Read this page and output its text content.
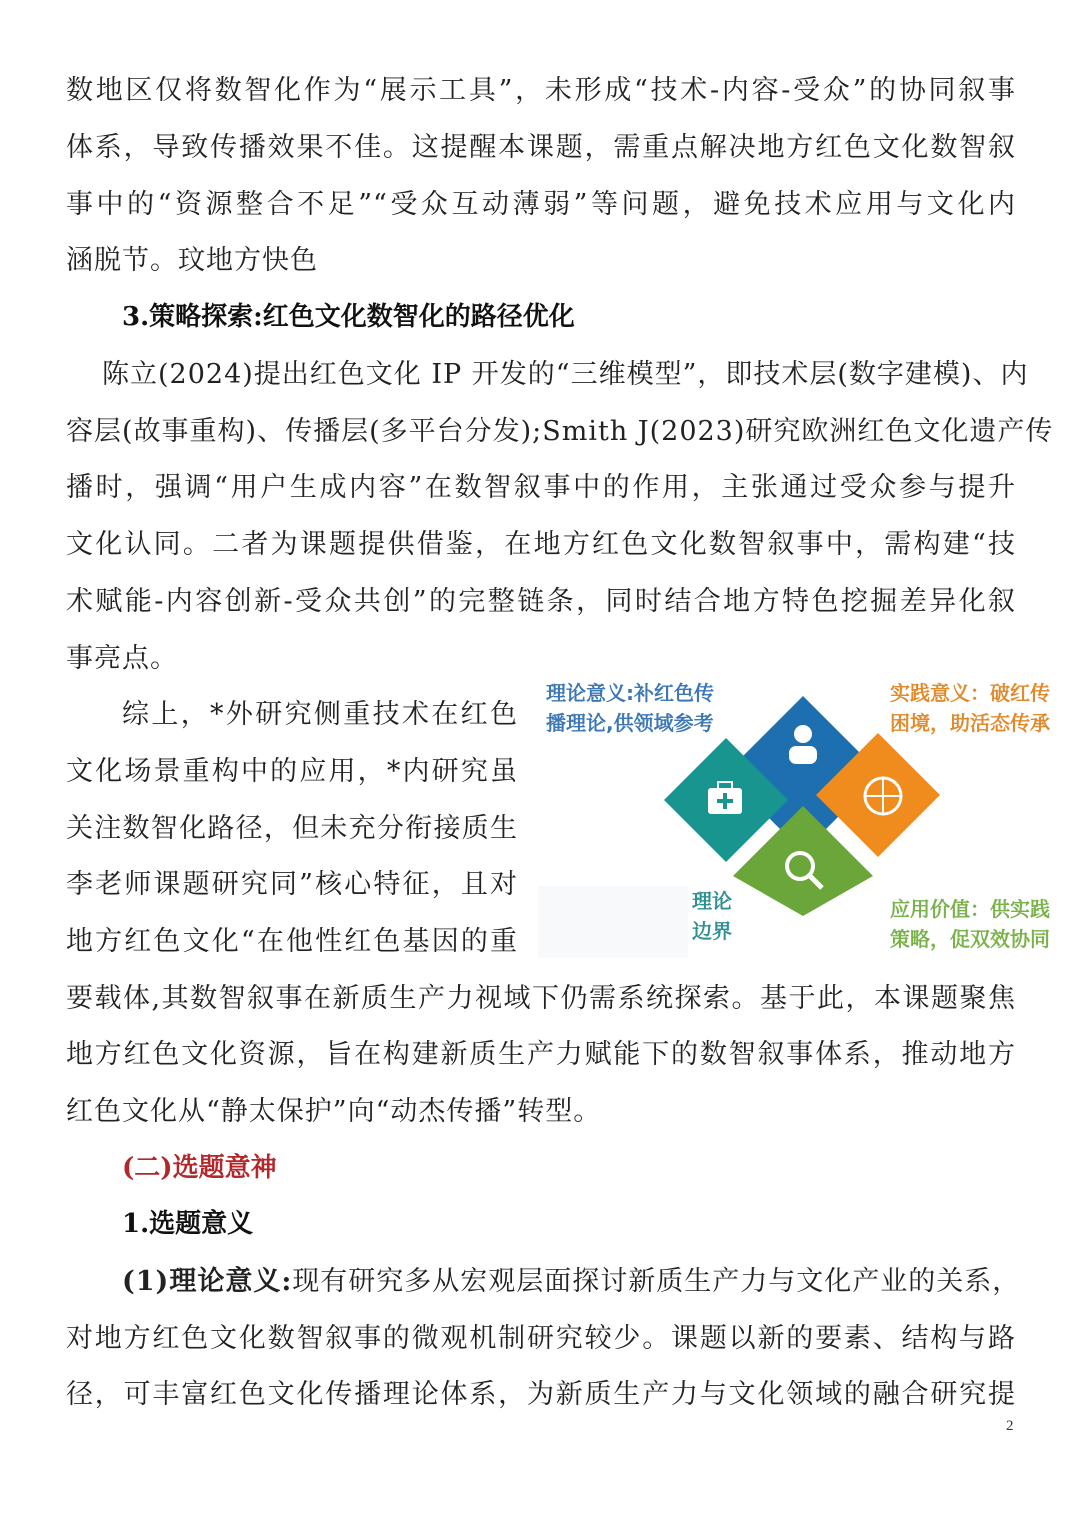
数地区仅将数智化作为“展示工具”，未形成“技术-内容-受众”的协同叙事
体系，导致传播效果不佳。这提醒本课题，需重点解决地方红色文化数智叙
事中的“资源整合不足”“受众互动薄弱”等问题，避免技术应用与文化内
涵脱节。玟地方快色
3.策略探索:红色文化数智化的路径优化
陈立(2024)提出红色文化 IP 开发的“三维模型”，即技术层(数字建模)、内
容层(故事重构)、传播层(多平台分发);Smith J(2023)研究欧洲红色文化遗产传
播时，强调“用户生成内容”在数智叙事中的作用，主张通过受众参与提升
文化认同。二者为课题提供借鉴，在地方红色文化数智叙事中，需构建“技
术赋能-内容创新-受众共创”的完整链条，同时结合地方特色挖掘差异化叙
事亮点。
综上，*外研究侧重技术在红色
文化场景重构中的应用，*内研究虽
关注数智化路径，但未充分衔接质生
李老师课题研究同”核心特征，且对
地方红色文化“在他性红色基因的重
理论意义:补红色传
播理论,供领域参考
实践意义：破红传
困境，助活态传承
应用价值：供实践
策略，促双效协同
理论
边界
要载体,其数智叙事在新质生产力视域下仍需系统探索。基于此，本课题聚焦
地方红色文化资源，旨在构建新质生产力赋能下的数智叙事体系，推动地方
红色文化从“静太保护”向“动杰传播”转型。
(二)选题意神
1.选题意义
(1)理论意义:现有研究多从宏观层面探讨新质生产力与文化产业的关系，
对地方红色文化数智叙事的微观机制研究较少。课题以新的要素、结构与路
径，可丰富红色文化传播理论体系，为新质生产力与文化领域的融合研究提
2
